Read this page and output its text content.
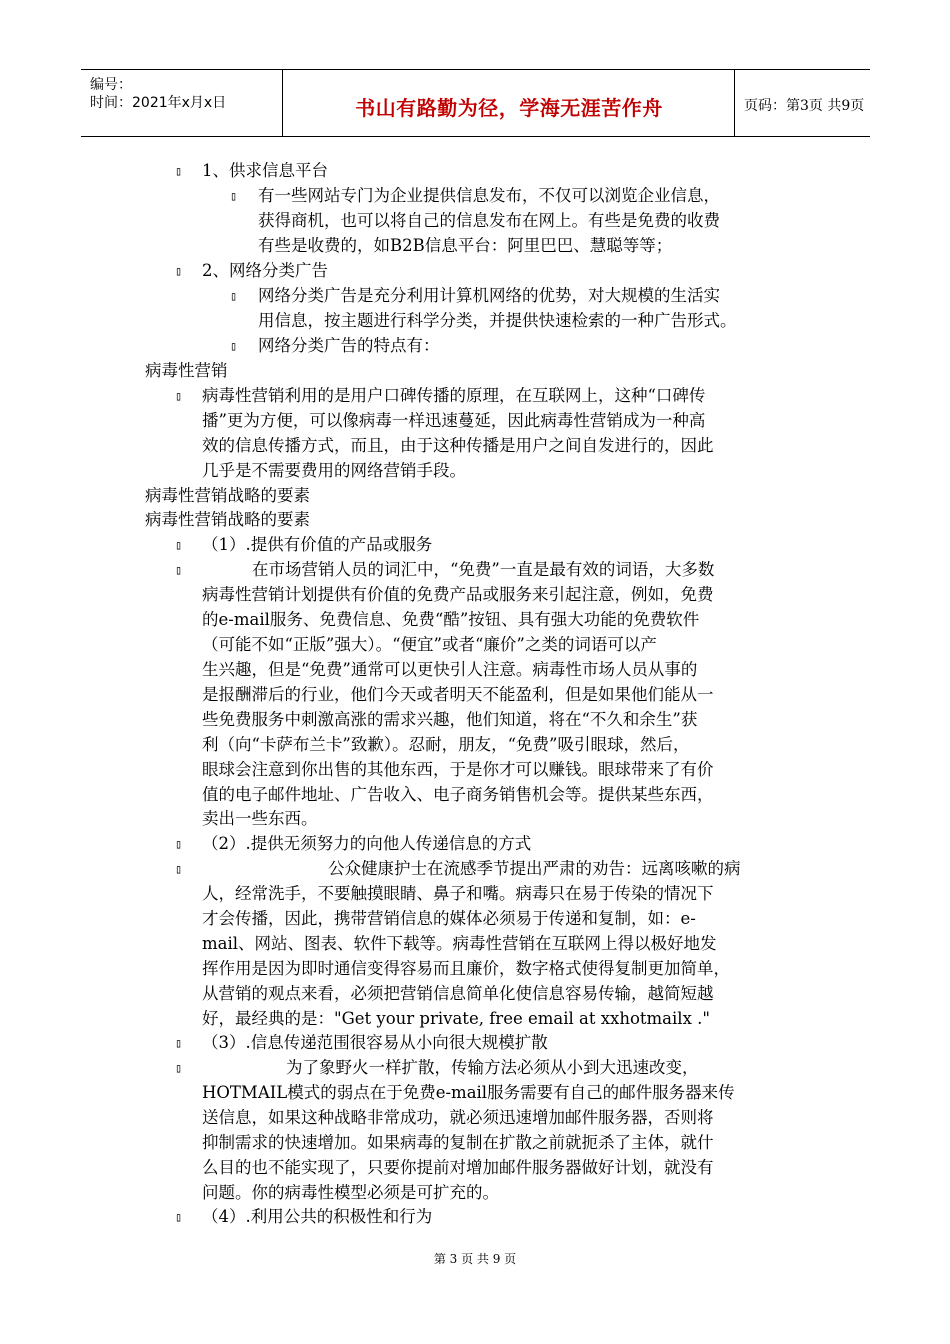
编号：
时间：2021年x月x日	书山有路勤为径，学海无涯苦作舟	页码：第3页 共9页
▯ 1、供求信息平台
▯ 有一些网站专门为企业提供信息发布，不仅可以浏览企业信息，
获得商机，也可以将自己的信息发布在网上。有些是免费的收费
有些是收费的，如B2B信息平台：阿里巴巴、慧聪等等；
▯ 2、网络分类广告
▯ 网络分类广告是充分利用计算机网络的优势，对大规模的生活实
用信息，按主题进行科学分类，并提供快速检索的一种广告形式。
▯ 网络分类广告的特点有：
病毒性营销
▯ 病毒性营销利用的是用户口碑传播的原理，在互联网上，这种“口碑传
播”更为方便，可以像病毒一样迅速蔓延，因此病毒性营销成为一种高
效的信息传播方式，而且，由于这种传播是用户之间自发进行的，因此
几乎是不需要费用的网络营销手段。
病毒性营销战略的要素
病毒性营销战略的要素
▯ （1）.提供有价值的产品或服务
▯	在市场营销人员的词汇中，“免费”一直是最有效的词语，大多数
病毒性营销计划提供有价值的免费产品或服务来引起注意，例如，免费
的e-mail服务、免费信息、免费“酷”按钮、具有强大功能的免费软件
（可能不如“正版”强大）。“便宜”或者“廉价”之类的词语可以产
生兴趣，但是“免费”通常可以更快引人注意。病毒性市场人员从事的
是报酬滞后的行业，他们今天或者明天不能盈利，但是如果他们能从一
些免费服务中刺激高涨的需求兴趣，他们知道，将在“不久和余生”获
利（向“卡萨布兰卡”致歉）。忍耐，朋友，“免费”吸引眼球，然后，
眼球会注意到你出售的其他东西，于是你才可以赚钱。眼球带来了有价
值的电子邮件地址、广告收入、电子商务销售机会等。提供某些东西，
卖出一些东西。
▯ （2）.提供无须努力的向他人传递信息的方式
▯	公众健康护士在流感季节提出严肃的劝告：远离咳嗽的病
人，经常洗手，不要触摸眼睛、鼻子和嘴。病毒只在易于传染的情况下
才会传播，因此，携带营销信息的媒体必须易于传递和复制，如：e-
mail、网站、图表、软件下载等。病毒性营销在互联网上得以极好地发
挥作用是因为即时通信变得容易而且廉价，数字格式使得复制更加简单，
从营销的观点来看，必须把营销信息简单化使信息容易传输，越简短越
好，最经典的是："Get your private, free email at xxhotmailx ."
▯ （3）.信息传递范围很容易从小向很大规模扩散
▯	为了象野火一样扩散，传输方法必须从小到大迅速改变，
HOTMAIL模式的弱点在于免费e-mail服务需要有自己的邮件服务器来传
送信息，如果这种战略非常成功，就必须迅速增加邮件服务器，否则将
抑制需求的快速增加。如果病毒的复制在扩散之前就扼杀了主体，就什
么目的也不能实现了，只要你提前对增加邮件服务器做好计划，就没有
问题。你的病毒性模型必须是可扩充的。
▯ （4）.利用公共的积极性和行为
第 3 页 共 9 页
